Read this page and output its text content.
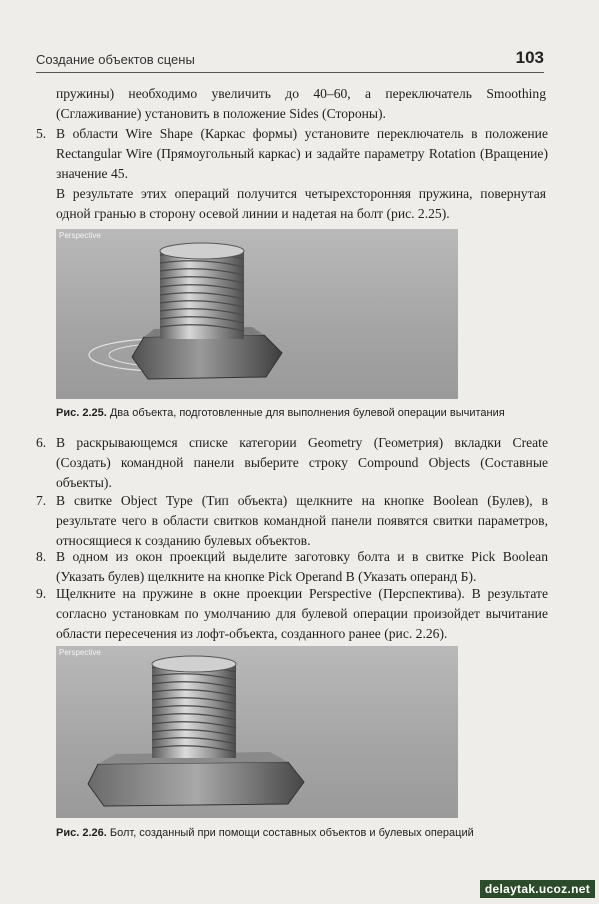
Создание объектов сцены	103

пружины) необходимо увеличить до 40–60, а переключатель Smoothing (Сглаживание) установить в положение Sides (Стороны).

5. В области Wire Shape (Каркас формы) установите переключатель в положение Rectangular Wire (Прямоугольный каркас) и задайте параметру Rotation (Вращение) значение 45.

В результате этих операций получится четырехсторонняя пружина, повернутая одной гранью в сторону осевой линии и надетая на болт (рис. 2.25).

Perspective
Рис. 2.25. Два объекта, подготовленные для выполнения булевой операции вычитания
6. В раскрывающемся списке категории Geometry (Геометрия) вкладки Create (Создать) командной панели выберите строку Compound Objects (Составные объекты).
7. В свитке Object Type (Тип объекта) щелкните на кнопке Boolean (Булев), в результате чего в области свитков командной панели появятся свитки параметров, относящиеся к созданию булевых объектов.
8. В одном из окон проекций выделите заготовку болта и в свитке Pick Boolean (Указать булев) щелкните на кнопке Pick Operand B (Указать операнд Б).
9. Щелкните на пружине в окне проекции Perspective (Перспектива). В результате согласно установкам по умолчанию для булевой операции произойдет вычитание области пересечения из лофт-объекта, созданного ранее (рис. 2.26).
Perspective
Рис. 2.26. Болт, созданный при помощи составных объектов и булевых операций
delaytak.ucoz.net
